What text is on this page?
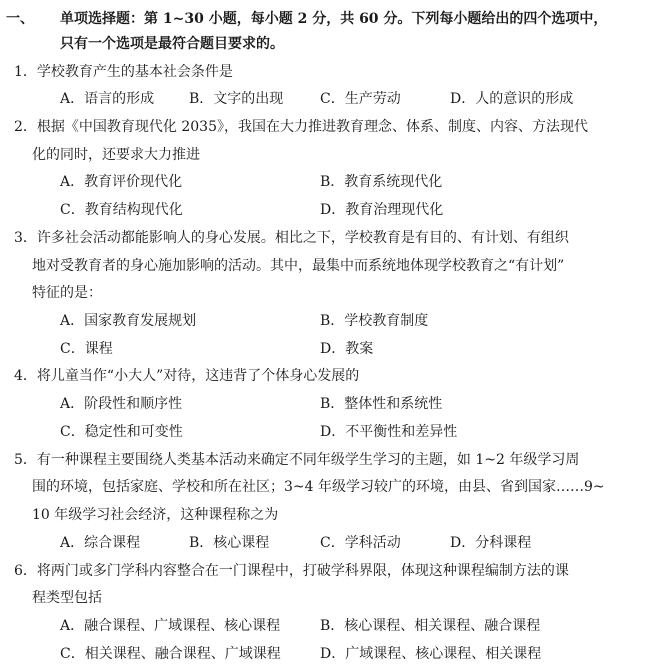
一、 单项选择题：第 1~30 小题，每小题 2 分，共 60 分。下列每小题给出的四个选项中，
只有一个选项是最符合题目要求的。
1．学校教育产生的基本社会条件是
A．语言的形成 B．文字的出现	C．生产劳动	D．人的意识的形成
2．根据《中国教育现代化 2035》，我国在大力推进教育理念、体系、制度、内容、方法现代
化的同时，还要求大力推进
A．教育评价现代化	B．教育系统现代化
C．教育结构现代化	D．教育治理现代化
3．许多社会活动都能影响人的身心发展。相比之下，学校教育是有目的、有计划、有组织
地对受教育者的身心施加影响的活动。其中，最集中而系统地体现学校教育之“有计划”
特征的是：
A．国家教育发展规划	B．学校教育制度
C．课程	D．教案
4．将儿童当作“小大人”对待，这违背了个体身心发展的
A．阶段性和顺序性	B．整体性和系统性
C．稳定性和可变性	D．不平衡性和差异性
5．有一种课程主要围绕人类基本活动来确定不同年级学生学习的主题，如 1~2 年级学习周
围的环境，包括家庭、学校和所在社区；3~4 年级学习较广的环境，由县、省到国家……9~
10 年级学习社会经济，这种课程称之为
A．综合课程	B．核心课程	C．学科活动	D．分科课程
6．将两门或多门学科内容整合在一门课程中，打破学科界限，体现这种课程编制方法的课
程类型包括
A．融合课程、广域课程、核心课程	B．核心课程、相关课程、融合课程
C．相关课程、融合课程、广域课程	D．广域课程、核心课程、相关课程
